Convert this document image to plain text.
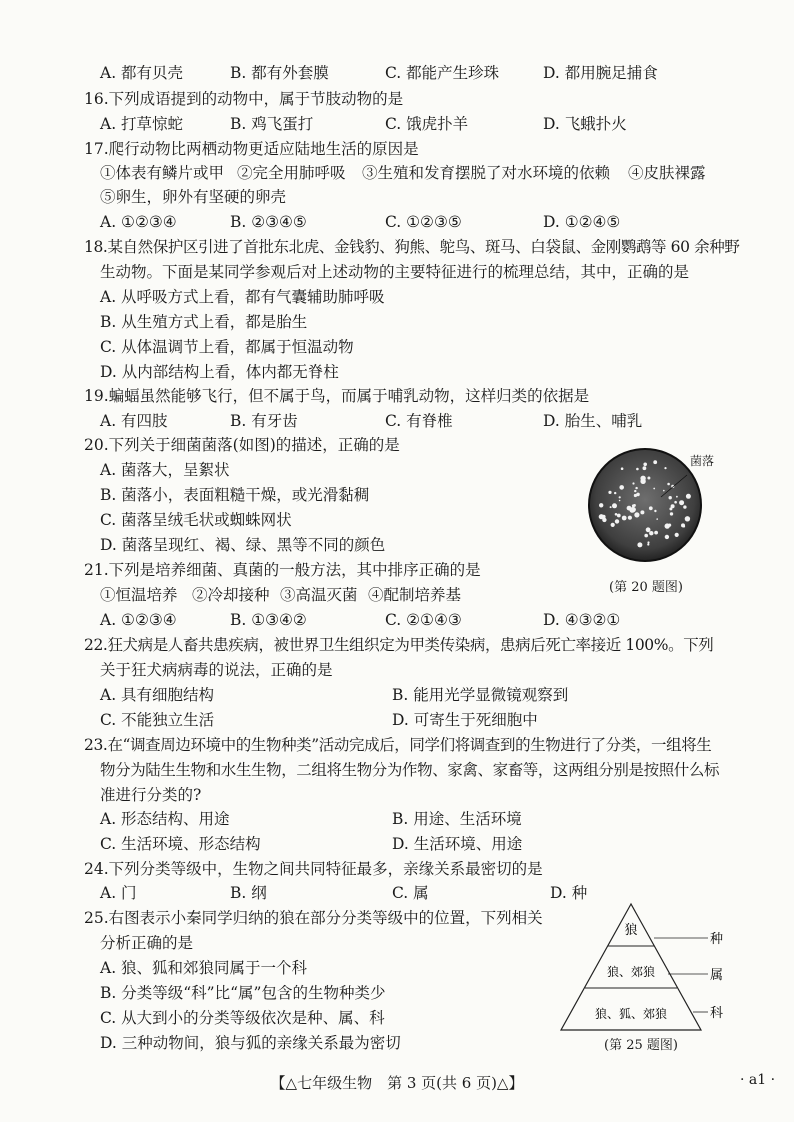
A. 都有贝壳	B. 都有外套膜	C. 都能产生珍珠	D. 都用腕足捕食
16.下列成语提到的动物中，属于节肢动物的是
A. 打草惊蛇	B. 鸡飞蛋打	C. 饿虎扑羊	D. 飞蛾扑火
17.爬行动物比两栖动物更适应陆地生活的原因是
①体表有鳞片或甲 ②完全用肺呼吸 ③生殖和发育摆脱了对水环境的依赖 ④皮肤裸露
⑤卵生，卵外有坚硬的卵壳
A. ①②③④	B. ②③④⑤	C. ①②③⑤	D. ①②④⑤
18.某自然保护区引进了首批东北虎、金钱豹、狗熊、鸵鸟、斑马、白袋鼠、金刚鹦鹉等 60 余种野
生动物。下面是某同学参观后对上述动物的主要特征进行的梳理总结，其中，正确的是
A. 从呼吸方式上看，都有气囊辅助肺呼吸
B. 从生殖方式上看，都是胎生
C. 从体温调节上看，都属于恒温动物
D. 从内部结构上看，体内都无脊柱
19.蝙蝠虽然能够飞行，但不属于鸟，而属于哺乳动物，这样归类的依据是
A. 有四肢	B. 有牙齿	C. 有脊椎	D. 胎生、哺乳
20.下列关于细菌菌落(如图)的描述，正确的是
A. 菌落大，呈絮状
B. 菌落小，表面粗糙干燥，或光滑黏稠
C. 菌落呈绒毛状或蜘蛛网状
D. 菌落呈现红、褐、绿、黑等不同的颜色
菌落
(第 20 题图)
21.下列是培养细菌、真菌的一般方法，其中排序正确的是
①恒温培养 ②冷却接种 ③高温灭菌 ④配制培养基
A. ①②③④	B. ①③④②	C. ②①④③	D. ④③②①
22.狂犬病是人畜共患疾病，被世界卫生组织定为甲类传染病，患病后死亡率接近 100%。下列
关于狂犬病病毒的说法，正确的是
A. 具有细胞结构	B. 能用光学显微镜观察到
C. 不能独立生活	D. 可寄生于死细胞中
23.在“调查周边环境中的生物种类”活动完成后，同学们将调查到的生物进行了分类，一组将生
物分为陆生生物和水生生物，二组将生物分为作物、家禽、家畜等，这两组分别是按照什么标
准进行分类的?
A. 形态结构、用途	B. 用途、生活环境
C. 生活环境、形态结构	D. 生活环境、用途
24.下列分类等级中，生物之间共同特征最多，亲缘关系最密切的是
A. 门	B. 纲	C. 属	D. 种
25.右图表示小秦同学归纳的狼在部分分类等级中的位置，下列相关
分析正确的是
A. 狼、狐和郊狼同属于一个科
B. 分类等级“科”比“属”包含的生物种类少
C. 从大到小的分类等级依次是种、属、科
D. 三种动物间，狼与狐的亲缘关系最为密切
狼
狼、郊狼
狼、狐、郊狼
种
属
科
(第 25 题图)
【△七年级生物　第 3 页(共 6 页)△】	· a1 ·
